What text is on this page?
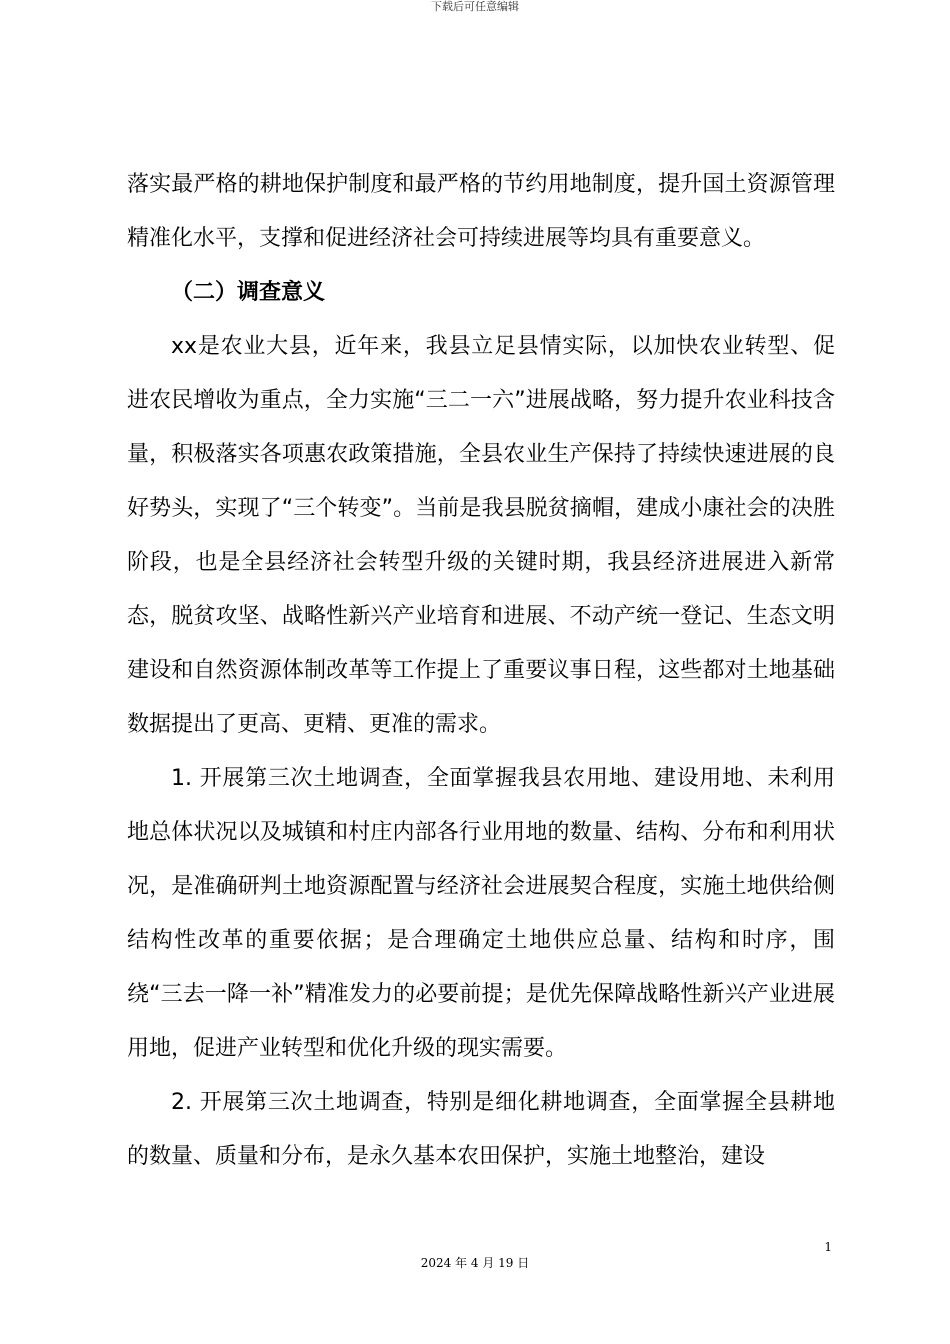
下载后可任意编辑

落实最严格的耕地保护制度和最严格的节约用地制度，提升国土资源管理精准化水平，支撑和促进经济社会可持续进展等均具有重要意义。

（二）调查意义

xx是农业大县，近年来，我县立足县情实际，以加快农业转型、促进农民增收为重点，全力实施“三二一六”进展战略，努力提升农业科技含量，积极落实各项惠农政策措施，全县农业生产保持了持续快速进展的良好势头，实现了“三个转变”。当前是我县脱贫摘帽，建成小康社会的决胜阶段，也是全县经济社会转型升级的关键时期，我县经济进展进入新常态，脱贫攻坚、战略性新兴产业培育和进展、不动产统一登记、生态文明建设和自然资源体制改革等工作提上了重要议事日程，这些都对土地基础数据提出了更高、更精、更准的需求。

1. 开展第三次土地调查，全面掌握我县农用地、建设用地、未利用地总体状况以及城镇和村庄内部各行业用地的数量、结构、分布和利用状况，是准确研判土地资源配置与经济社会进展契合程度，实施土地供给侧结构性改革的重要依据；是合理确定土地供应总量、结构和时序，围绕“三去一降一补”精准发力的必要前提；是优先保障战略性新兴产业进展用地，促进产业转型和优化升级的现实需要。

2. 开展第三次土地调查，特别是细化耕地调查，全面掌握全县耕地的数量、质量和分布，是永久基本农田保护，实施土地整治，建设

1
2024 年 4 月 19 日
